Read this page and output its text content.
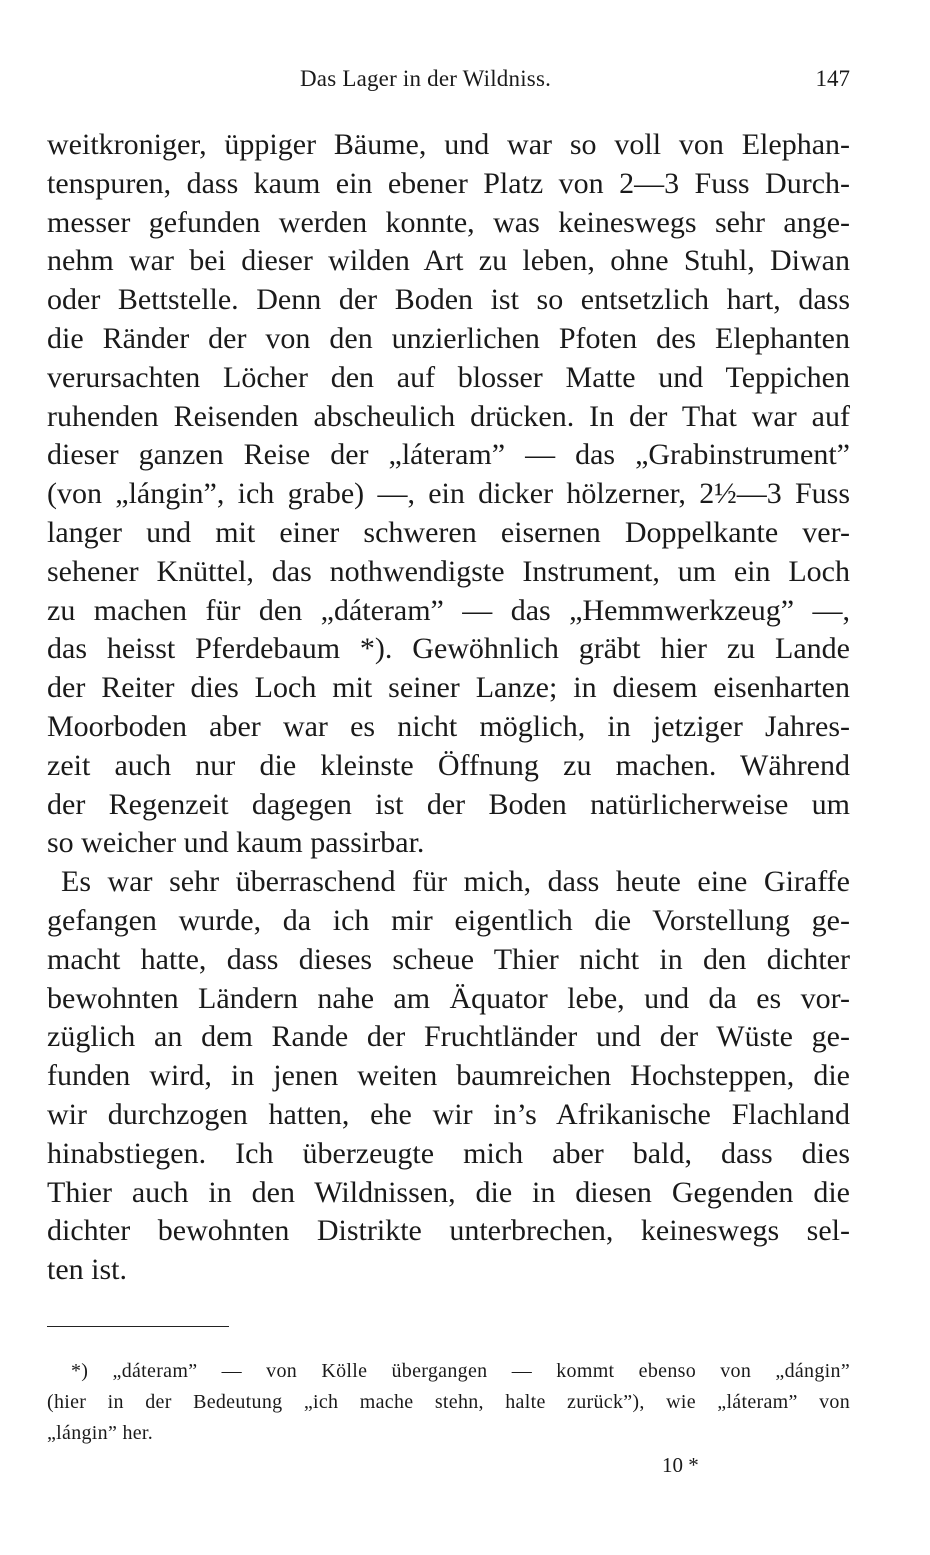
Das Lager in der Wildniss.	147
weitkroniger, üppiger Bäume, und war so voll von Elephan-
tenspuren, dass kaum ein ebener Platz von 2—3 Fuss Durch-
messer gefunden werden konnte, was keineswegs sehr ange-
nehm war bei dieser wilden Art zu leben, ohne Stuhl, Diwan
oder Bettstelle. Denn der Boden ist so entsetzlich hart, dass
die Ränder der von den unzierlichen Pfoten des Elephanten
verursachten Löcher den auf blosser Matte und Teppichen
ruhenden Reisenden abscheulich drücken. In der That war auf
dieser ganzen Reise der „láteram” — das „Grabinstrument”
(von „lángin”, ich grabe) —, ein dicker hölzerner, 2½—3 Fuss
langer und mit einer schweren eisernen Doppelkante ver-
sehener Knüttel, das nothwendigste Instrument, um ein Loch
zu machen für den „dáteram” — das „Hemmwerkzeug” —,
das heisst Pferdebaum *). Gewöhnlich gräbt hier zu Lande
der Reiter dies Loch mit seiner Lanze; in diesem eisenharten
Moorboden aber war es nicht möglich, in jetziger Jahres-
zeit auch nur die kleinste Öffnung zu machen. Während
der Regenzeit dagegen ist der Boden natürlicherweise um
so weicher und kaum passirbar.
Es war sehr überraschend für mich, dass heute eine Giraffe
gefangen wurde, da ich mir eigentlich die Vorstellung ge-
macht hatte, dass dieses scheue Thier nicht in den dichter
bewohnten Ländern nahe am Äquator lebe, und da es vor-
züglich an dem Rande der Fruchtländer und der Wüste ge-
funden wird, in jenen weiten baumreichen Hochsteppen, die
wir durchzogen hatten, ehe wir in’s Afrikanische Flachland
hinabstiegen. Ich überzeugte mich aber bald, dass dies
Thier auch in den Wildnissen, die in diesen Gegenden die
dichter bewohnten Distrikte unterbrechen, keineswegs sel-
ten ist.
*) „dáteram” — von Kölle übergangen — kommt ebenso von „dángin”
(hier in der Bedeutung „ich mache stehn, halte zurück”), wie „láteram” von
„lángin” her.
10 *
